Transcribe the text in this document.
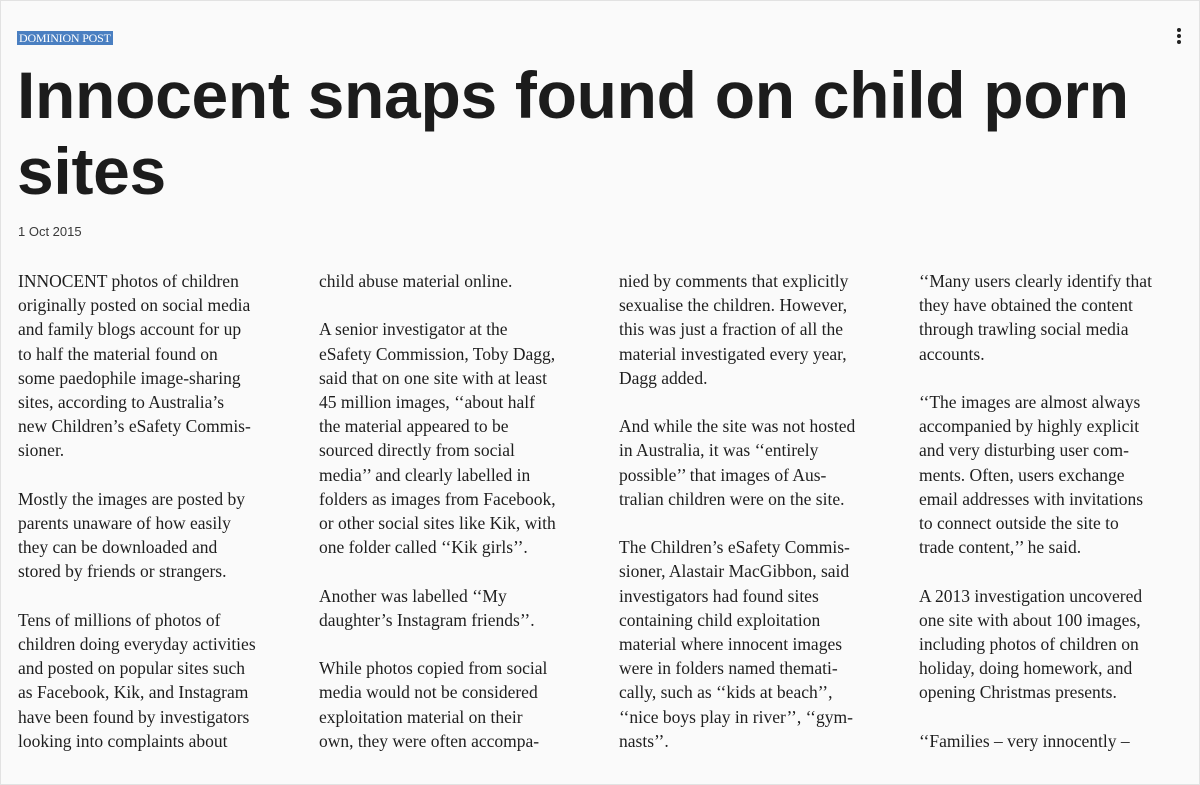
DOMINION POST
Innocent snaps found on child porn sites
1 Oct 2015

INNOCENT photos of children

originally posted on social media

and family blogs account for up

to half the material found on

some paedophile image-sharing

sites, according to Australia’s

new Children’s eSafety Commis-

sioner.

Mostly the images are posted by

parents unaware of how easily

they can be downloaded and

stored by friends or strangers.

Tens of millions of photos of

children doing everyday activities

and posted on popular sites such

as Facebook, Kik, and Instagram

have been found by investigators

looking into complaints about

child abuse material online.

A senior investigator at the

eSafety Commission, Toby Dagg,

said that on one site with at least

45 million images, ‘‘about half

the material appeared to be

sourced directly from social

media’’ and clearly labelled in

folders as images from Facebook,

or other social sites like Kik, with

one folder called ‘‘Kik girls’’.

Another was labelled ‘‘My

daughter’s Instagram friends’’.

While photos copied from social

media would not be considered

exploitation material on their

own, they were often accompa-

nied by comments that explicitly

sexualise the children. However,

this was just a fraction of all the

material investigated every year,

Dagg added.

And while the site was not hosted

in Australia, it was ‘‘entirely

possible’’ that images of Aus-

tralian children were on the site.

The Children’s eSafety Commis-

sioner, Alastair MacGibbon, said

investigators had found sites

containing child exploitation

material where innocent images

were in folders named themati-

cally, such as ‘‘kids at beach’’,

‘‘nice boys play in river’’, ‘‘gym-

nasts’’.

‘‘Many users clearly identify that

they have obtained the content

through trawling social media

accounts.

‘‘The images are almost always

accompanied by highly explicit

and very disturbing user com-

ments. Often, users exchange

email addresses with invitations

to connect outside the site to

trade content,’’ he said.

A 2013 investigation uncovered

one site with about 100 images,

including photos of children on

holiday, doing homework, and

opening Christmas presents.

‘‘Families – very innocently –
